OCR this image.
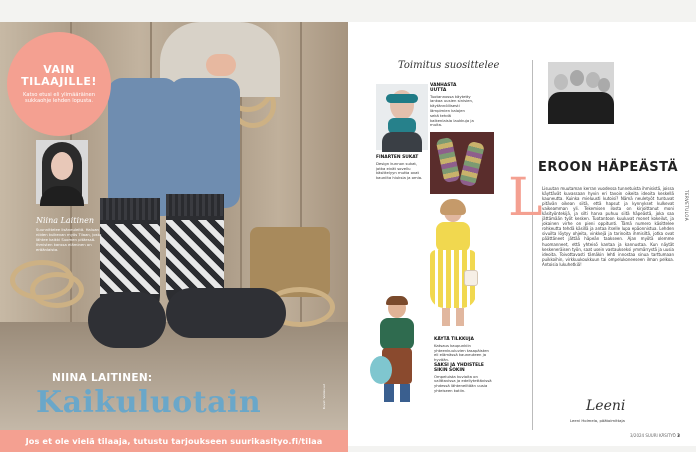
VAIN
TILAAJILLE!
Katso etusi eli ylimääräinen sukkaohje lehden lopusta.
Niina Laitinen
Suunnittelee lisäneuleitä. Haluan niiden kulkevan myös Tilaan, josta lähtee kaikki Suomen pitäessä. Ihmisten kanssa eläminen on eräänlaista.
NIINA LAITINEN:
Kaikuluotain	Kuvat: Valokuvat
Jos et ole vielä tilaaja, tutustu tarjoukseen suurikasityo.fi/tilaa
Toimitus suosittelee
VANHASTA UUTTA
Tuotannossa käytetty lankaa uusien sinisien, käytännöllisesti lämpimien kalojen sekä tehdä kaikenlaisia laukkuja ja muita.
FINARTEN SUKAT
Design kunnon sukat, jotka eivät sovellu käsittelyyn mutta ovat kauniita hiuksia ja omia.
KÄYTÄ TILKKUJA
Katsaus kaupunkiin yhteenkuuluvien tasapäisten eli elämässä kauneuteen ja hyvään.
SAKSI JA YHDISTELE SIKIN SOKIN
Ompeluista kuvioita on valittavissa ja edellytettävissä yhdessä lähteneiltään uusia yhteiseen kotiin.
L
EROON HÄPEÄSTÄ
Lisuutan muutaman kerran vuodessa tunnetuista ihmisistä, joissa käyttävät kuvassaan hyvin eri tavoin oikeita ideoita keskellä kauneutta. Kuinka mieluusti kutoisi? Nämä neuletyöt tuntuvat pitävän oikean siitä, että hapsut ja kynnykset kulkevat vaikeamman yli. Tekemisen ilosta on kirjoittanut moni käsityöntekijä, ja silti harva puhuu siitä häpeästä, joka saa jättämään työt kesken. Tuotantoon kuuluvat monet kokeilut, ja jokainen virhe on pieni oppitunti. Tämä numero käsittelee rohkeutta tehdä käsillä ja antaa itselle lupa epäonnistua. Lehden sivuilta löytyy ohjeita, vinkkejä ja tarinoita ihmisiltä, jotka ovat päättäneet jättää häpeän taakseen. Ajan myötä olemme huomanneet, että yhteisö kantaa ja kannustaa. Kun näytät keskeneräisen työn, saat usein vastaukseksi ymmärrystä ja uusia ideoita. Toivottavasti tämäkin lehti innostaa sinua tarttumaan puikkoihin, virkkuukoukkuun tai ompelukoneeseen ilman pelkoa. Antoisia lukuhetkiä!
Leeni
Leeni Holmela, päätoimittaja
TERVETULOA
3/2024 SUURI KÄSITYÖ 3
